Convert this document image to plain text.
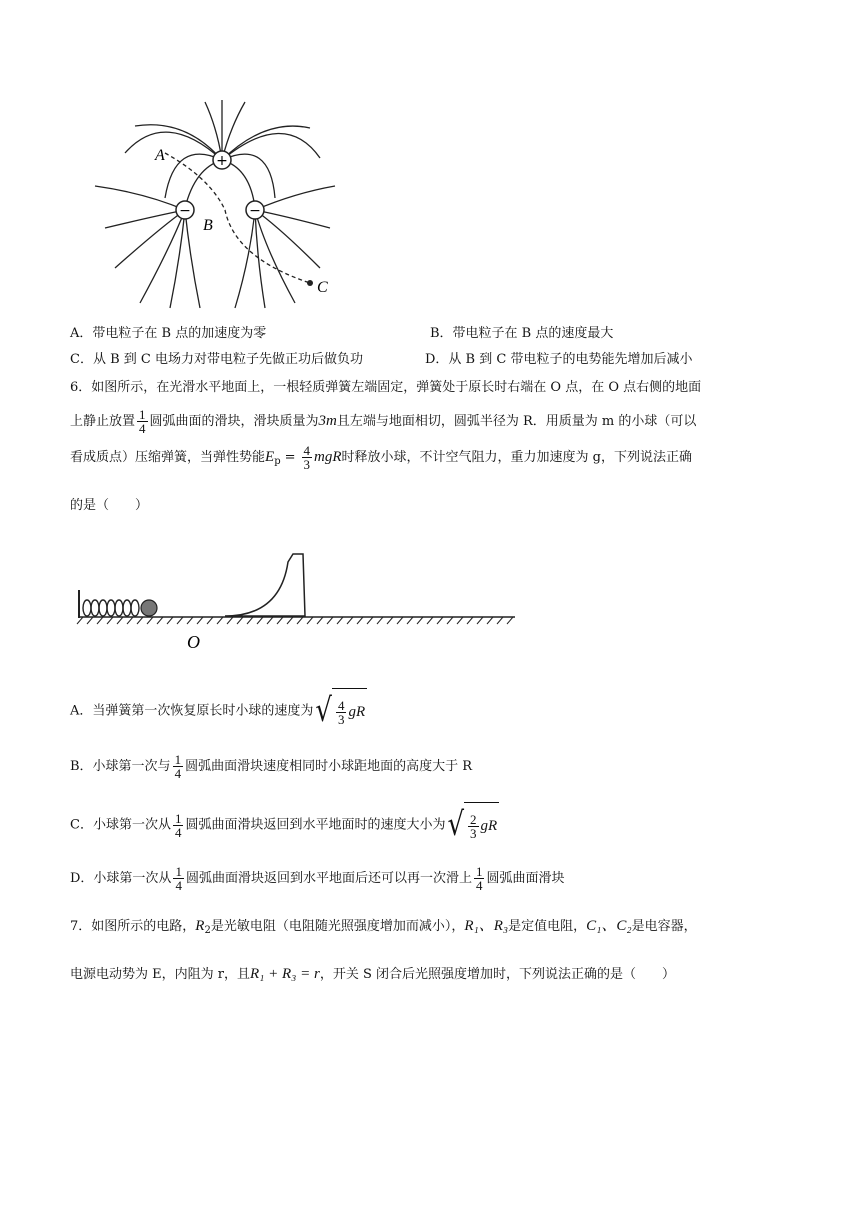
+
−	−
A
B
C
A．带电粒子在 B 点的加速度为零	B．带电粒子在 B 点的速度最大
C．从 B 到 C 电场力对带电粒子先做正功后做负功	D．从 B 到 C 带电粒子的电势能先增加后减小
6．如图所示，在光滑水平地面上，一根轻质弹簧左端固定，弹簧处于原长时右端在 O 点，在 O 点右侧的地面
上静止放置 $\frac{1}{4}$ 圆弧曲面的滑块，滑块质量为3m且左端与地面相切，圆弧半径为 R．用质量为 m 的小球（可以
看成质点）压缩弹簧，当弹性势能$E_p = \frac{4}{3}$ mgR时释放小球，不计空气阻力，重力加速度为 g，下列说法正确
的是（　　）
O
A．当弹簧第一次恢复原长时小球的速度为 √ $\frac{4}{3}$ gR
B．小球第一次与 $\frac{1}{4}$ 圆弧曲面滑块速度相同时小球距地面的高度大于 R
C．小球第一次从 $\frac{1}{4}$ 圆弧曲面滑块返回到水平地面时的速度大小为 √ $\frac{2}{3}$ gR
D．小球第一次从 $\frac{1}{4}$ 圆弧曲面滑块返回到水平地面后还可以再一次滑上 $\frac{1}{4}$ 圆弧曲面滑块
7．如图所示的电路，$R_2$是光敏电阻（电阻随光照强度增加而减小），R₁、R₃是定值电阻，C₁、C₂是电容器，
电源电动势为 E，内阻为 r，且R₁ + R₃ = r，开关 S 闭合后光照强度增加时，下列说法正确的是（　　）
